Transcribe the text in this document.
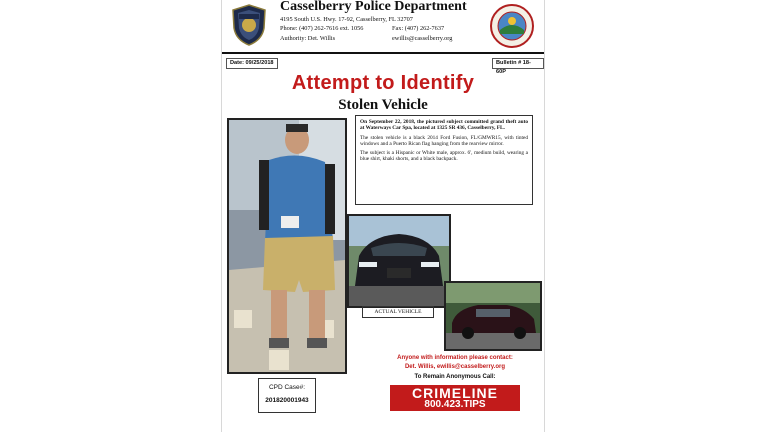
Casselberry Police Department
4195 South U.S. Hwy. 17-92, Casselberry, FL 32707
Phone: (407) 262-7616 ext. 1056	Fax: (407) 262-7637
Authority: Det. Willis	ewillis@casselberry.org
Date: 09/25/2018	Bulletin # 18-60P
Attempt to Identify
Stolen Vehicle

On September 22, 2018, the pictured subject committed grand theft auto at Waterways Car Spa, located at 1325 SR 436, Casselberry, FL.

The stolen vehicle is a black 2014 Ford Fusion, FL/GMWR15, with tinted windows and a Puerto Rican flag hanging from the rearview mirror.

The subject is a Hispanic or White male, approx. 6', medium build, wearing a blue shirt, khaki shorts, and a black backpack.

ACTUAL VEHICLE
Anyone with information please contact:
Det. Willis, ewillis@casselberry.org
To Remain Anonymous Call:
CRIMELINE
800.423.TIPS
CPD Case#:
201820001943
